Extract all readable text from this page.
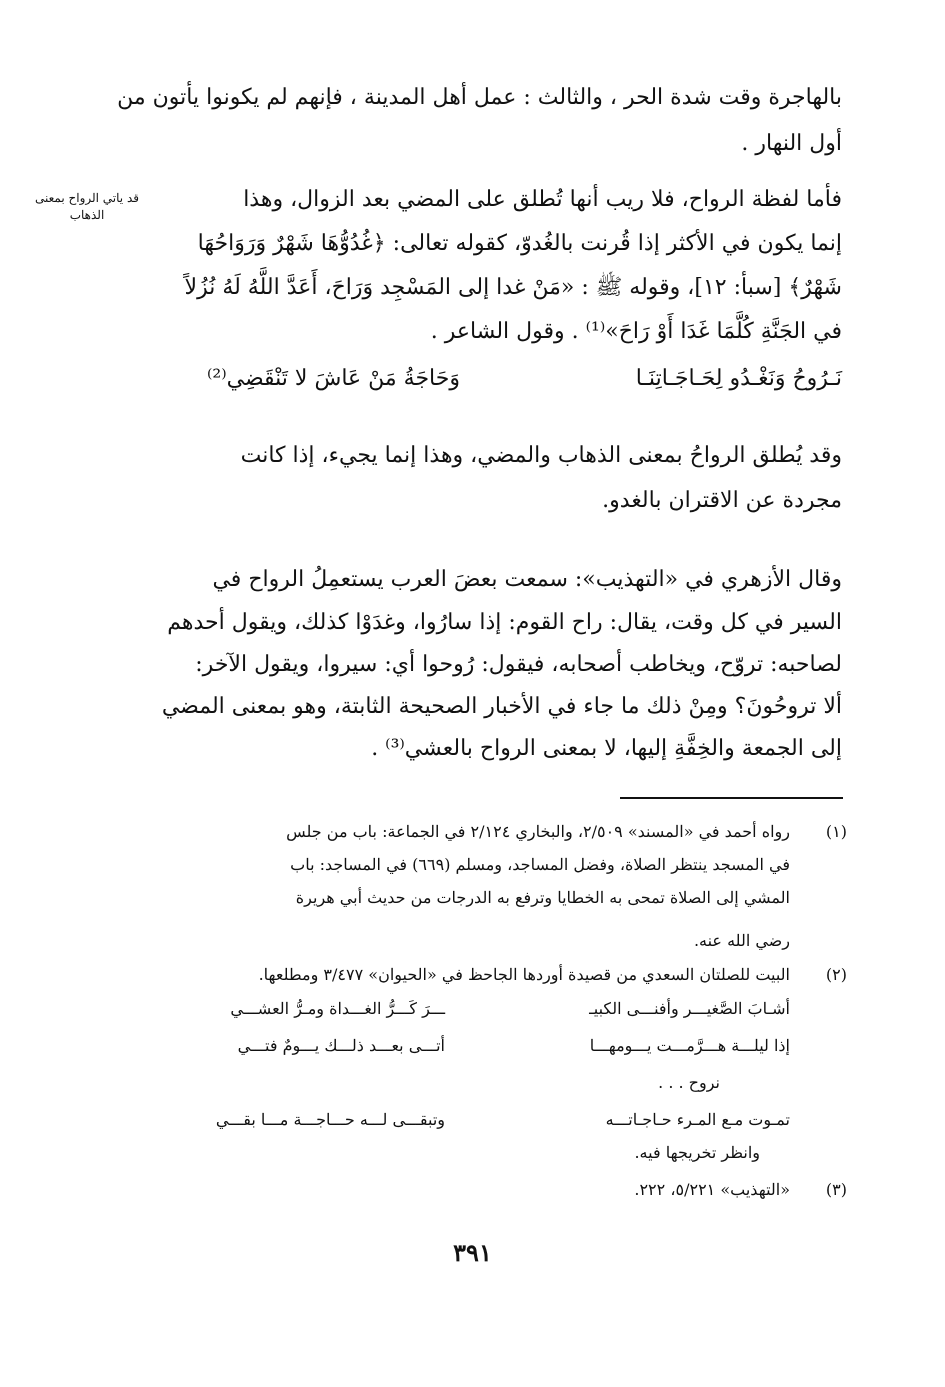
قد ياتي الرواح بمعنى الذهاب
بالهاجرة وقت شدة الحر ، والثالث : عمل أهل المدينة ، فإنهم لم يكونوا يأتون من
أول النهار .
فأما لفظة الرواح، فلا ريب أنها تُطلق على المضي بعد الزوال، وهذا
إنما يكون في الأكثر إذا قُرنت بالغُدوّ، كقوله تعالى: ﴿غُدُوُّهَا شَهْرٌ وَرَوَاحُهَا
شَهْرٌ﴾ [سبأ: ١٢]، وقوله ﷺ : «مَنْ غدا إلى المَسْجِد وَرَاحَ، أَعَدَّ اللَّهُ لَهُ نُزُلاً
في الجَنَّةِ كُلَّمَا غَدَا أَوْ رَاحَ»⁽¹⁾ . وقول الشاعر .
نَـرُوحُ وَنَغْـدُو لِحَـاجَـاتِنَـا
وَحَاجَةُ مَنْ عَاشَ لا تَنْقَضِي⁽²⁾
وقد يُطلق الرواحُ بمعنى الذهاب والمضي، وهذا إنما يجيء، إذا كانت
مجردة عن الاقتران بالغدو.
وقال الأزهري في «التهذيب»: سمعت بعضَ العرب يستعمِلُ الرواح في
السير في كل وقت، يقال: راح القوم: إذا سارُوا، وغدَوْا كذلك، ويقول أحدهم
لصاحبه: تروّح، ويخاطب أصحابه، فيقول: رُوحوا أي: سيروا، ويقول الآخر:
ألا تروحُونَ؟ ومِنْ ذلك ما جاء في الأخبار الصحيحة الثابتة، وهو بمعنى المضي
إلى الجمعة والخِفَّةِ إليها، لا بمعنى الرواح بالعشي⁽³⁾ .
(١)
رواه أحمد في «المسند» ٢/٥٠٩، والبخاري ٢/١٢٤ في الجماعة: باب من جلس
في المسجد ينتظر الصلاة، وفضل المساجد، ومسلم (٦٦٩) في المساجد: باب
المشي إلى الصلاة تمحى به الخطايا وترفع به الدرجات من حديث أبي هريرة
رضي الله عنه.
(٢)
البيت للصلتان السعدي من قصيدة أوردها الجاحظ في «الحيوان» ٣/٤٧٧ ومطلعها.
أشـابَ الصَّغيـــر وأفنـــى الكبيـ
ـــرَ كَـــرُّ الغـــداة ومـرُّ العشـــي
إذا ليلـــة هـــرَّمـــت يـــومهـــا
أتـــى بعـــد ذلـــك يـــومٌ فتـــي
نروح . . .
تمـوت مـع المـرء حـاجـاتـــه
وتبقـــى لـــه حـــاجـــة مـــا بقـــي
وانظر تخريجها فيه.
(٣)
«التهذيب» ٥/٢٢١، ٢٢٢.
٣٩١
